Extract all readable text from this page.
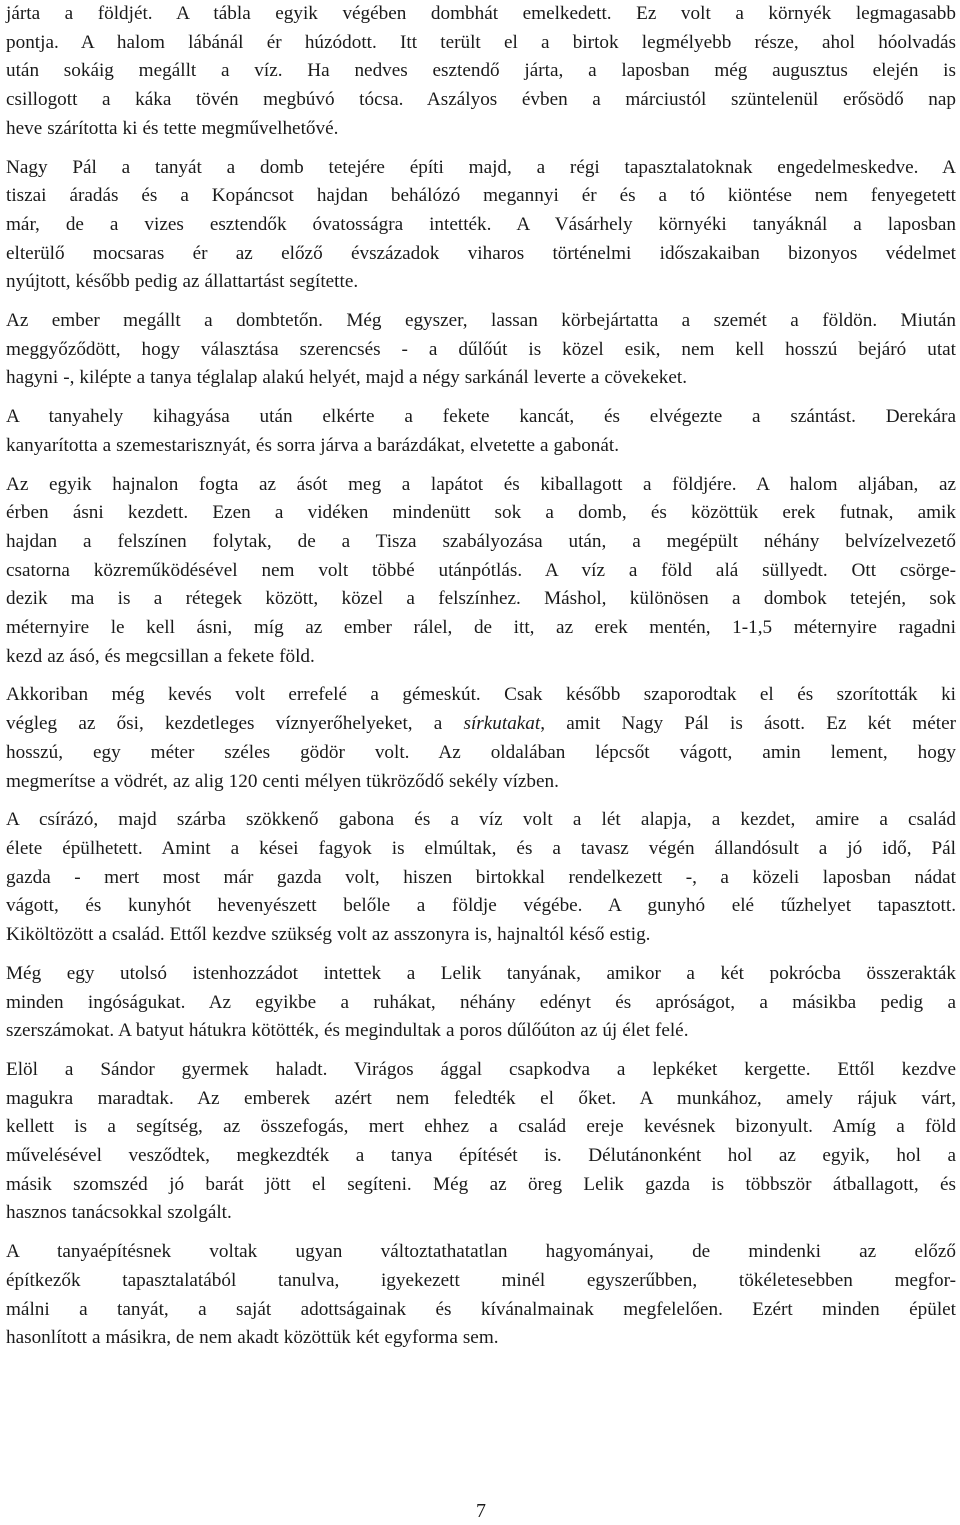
járta a földjét. A tábla egyik végében dombhát emelkedett. Ez volt a környék legmagasabb
pontja. A halom lábánál ér húzódott. Itt terült el a birtok legmélyebb része, ahol hóolvadás
után sokáig megállt a víz. Ha nedves esztendő járta, a laposban még augusztus elején is
csillogott a káka tövén megbúvó tócsa. Aszályos évben a márciustól szüntelenül erősödő nap
heve szárította ki és tette megművelhetővé.

Nagy Pál a tanyát a domb tetejére építi majd, a régi tapasztalatoknak engedelmeskedve. A
tiszai áradás és a Kopáncsot hajdan behálózó megannyi ér és a tó kiöntése nem fenyegetett
már, de a vizes esztendők óvatosságra intették. A Vásárhely környéki tanyáknál a laposban
elterülő mocsaras ér az előző évszázadok viharos történelmi időszakaiban bizonyos védelmet
nyújtott, később pedig az állattartást segítette.

Az ember megállt a dombtetőn. Még egyszer, lassan körbejártatta a szemét a földön. Miután
meggyőződött, hogy választása szerencsés - a dűlőút is közel esik, nem kell hosszú bejáró utat
hagyni -, kilépte a tanya téglalap alakú helyét, majd a négy sarkánál leverte a cövekeket.

A tanyahely kihagyása után elkérte a fekete kancát, és elvégezte a szántást. Derekára
kanyarította a szemestarisznyát, és sorra járva a barázdákat, elvetette a gabonát.

Az egyik hajnalon fogta az ásót meg a lapátot és kiballagott a földjére. A halom aljában, az
érben ásni kezdett. Ezen a vidéken mindenütt sok a domb, és közöttük erek futnak, amik
hajdan a felszínen folytak, de a Tisza szabályozása után, a megépült néhány belvízelvezető
csatorna közreműködésével nem volt többé utánpótlás. A víz a föld alá süllyedt. Ott csörge-
dezik ma is a rétegek között, közel a felszínhez. Máshol, különösen a dombok tetején, sok
méternyire le kell ásni, míg az ember rálel, de itt, az erek mentén, 1-1,5 méternyire ragadni
kezd az ásó, és megcsillan a fekete föld.

Akkoriban még kevés volt errefelé a gémeskút. Csak később szaporodtak el és szorították ki
végleg az ősi, kezdetleges víznyerőhelyeket, a sírkutakat, amit Nagy Pál is ásott. Ez két méter
hosszú, egy méter széles gödör volt. Az oldalában lépcsőt vágott, amin lement, hogy
megmerítse a vödrét, az alig 120 centi mélyen tükröződő sekély vízben.

A csírázó, majd szárba szökkenő gabona és a víz volt a lét alapja, a kezdet, amire a család
élete épülhetett. Amint a kései fagyok is elmúltak, és a tavasz végén állandósult a jó idő, Pál
gazda - mert most már gazda volt, hiszen birtokkal rendelkezett -, a közeli laposban nádat
vágott, és kunyhót hevenyészett belőle a földje végébe. A gunyhó elé tűzhelyet tapasztott.
Kiköltözött a család. Ettől kezdve szükség volt az asszonyra is, hajnaltól késő estig.

Még egy utolsó istenhozzádot intettek a Lelik tanyának, amikor a két pokrócba összerakták
minden ingóságukat. Az egyikbe a ruhákat, néhány edényt és apróságot, a másikba pedig a
szerszámokat. A batyut hátukra kötötték, és megindultak a poros dűlőúton az új élet felé.

Elöl a Sándor gyermek haladt. Virágos ággal csapkodva a lepkéket kergette. Ettől kezdve
magukra maradtak. Az emberek azért nem feledték el őket. A munkához, amely rájuk várt,
kellett is a segítség, az összefogás, mert ehhez a család ereje kevésnek bizonyult. Amíg a föld
művelésével vesződtek, megkezdték a tanya építését is. Délutánonként hol az egyik, hol a
másik szomszéd jó barát jött el segíteni. Még az öreg Lelik gazda is többször átballagott, és
hasznos tanácsokkal szolgált.

A tanyaépítésnek voltak ugyan változtathatatlan hagyományai, de mindenki az előző
építkezők tapasztalatából tanulva, igyekezett minél egyszerűbben, tökéletesebben megfor-
málni a tanyát, a saját adottságainak és kívánalmainak megfelelően. Ezért minden épület
hasonlított a másikra, de nem akadt közöttük két egyforma sem.

7
